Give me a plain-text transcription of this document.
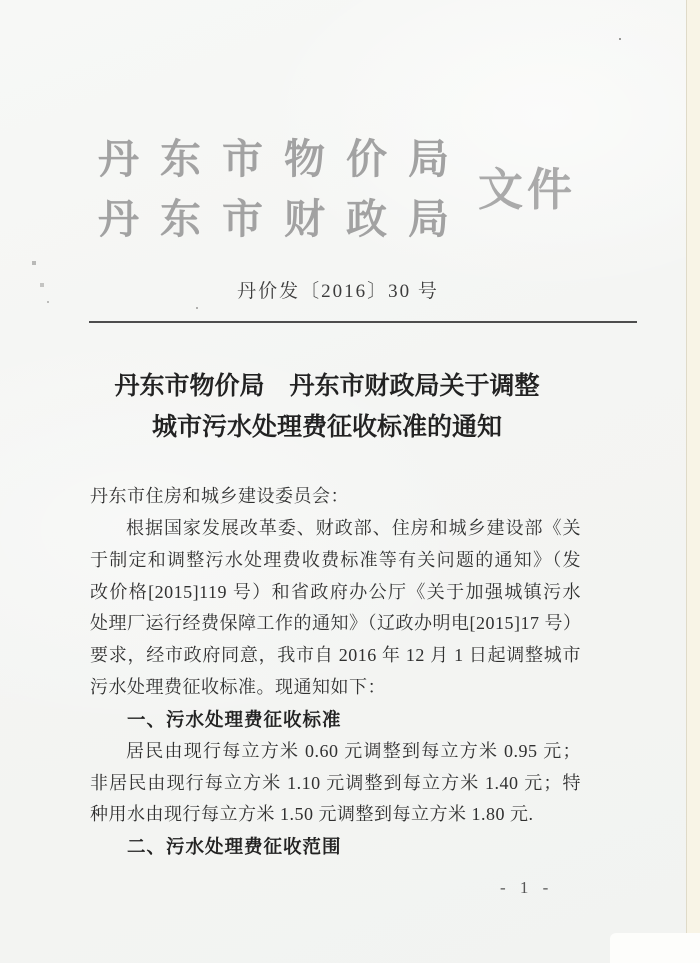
丹东市物价局
丹东市财政局
文件
丹价发〔2016〕30 号
丹东市物价局　丹东市财政局关于调整
城市污水处理费征收标准的通知
丹东市住房和城乡建设委员会：
根据国家发展改革委、财政部、住房和城乡建设部《关
于制定和调整污水处理费收费标准等有关问题的通知》（发
改价格[2015]119 号）和省政府办公厅《关于加强城镇污水
处理厂运行经费保障工作的通知》（辽政办明电[2015]17 号）
要求，经市政府同意，我市自 2016 年 12 月 1 日起调整城市
污水处理费征收标准。现通知如下：
一、污水处理费征收标准
居民由现行每立方米 0.60 元调整到每立方米 0.95 元；
非居民由现行每立方米 1.10 元调整到每立方米 1.40 元；特
种用水由现行每立方米 1.50 元调整到每立方米 1.80 元.
二、污水处理费征收范围
- 1 -
